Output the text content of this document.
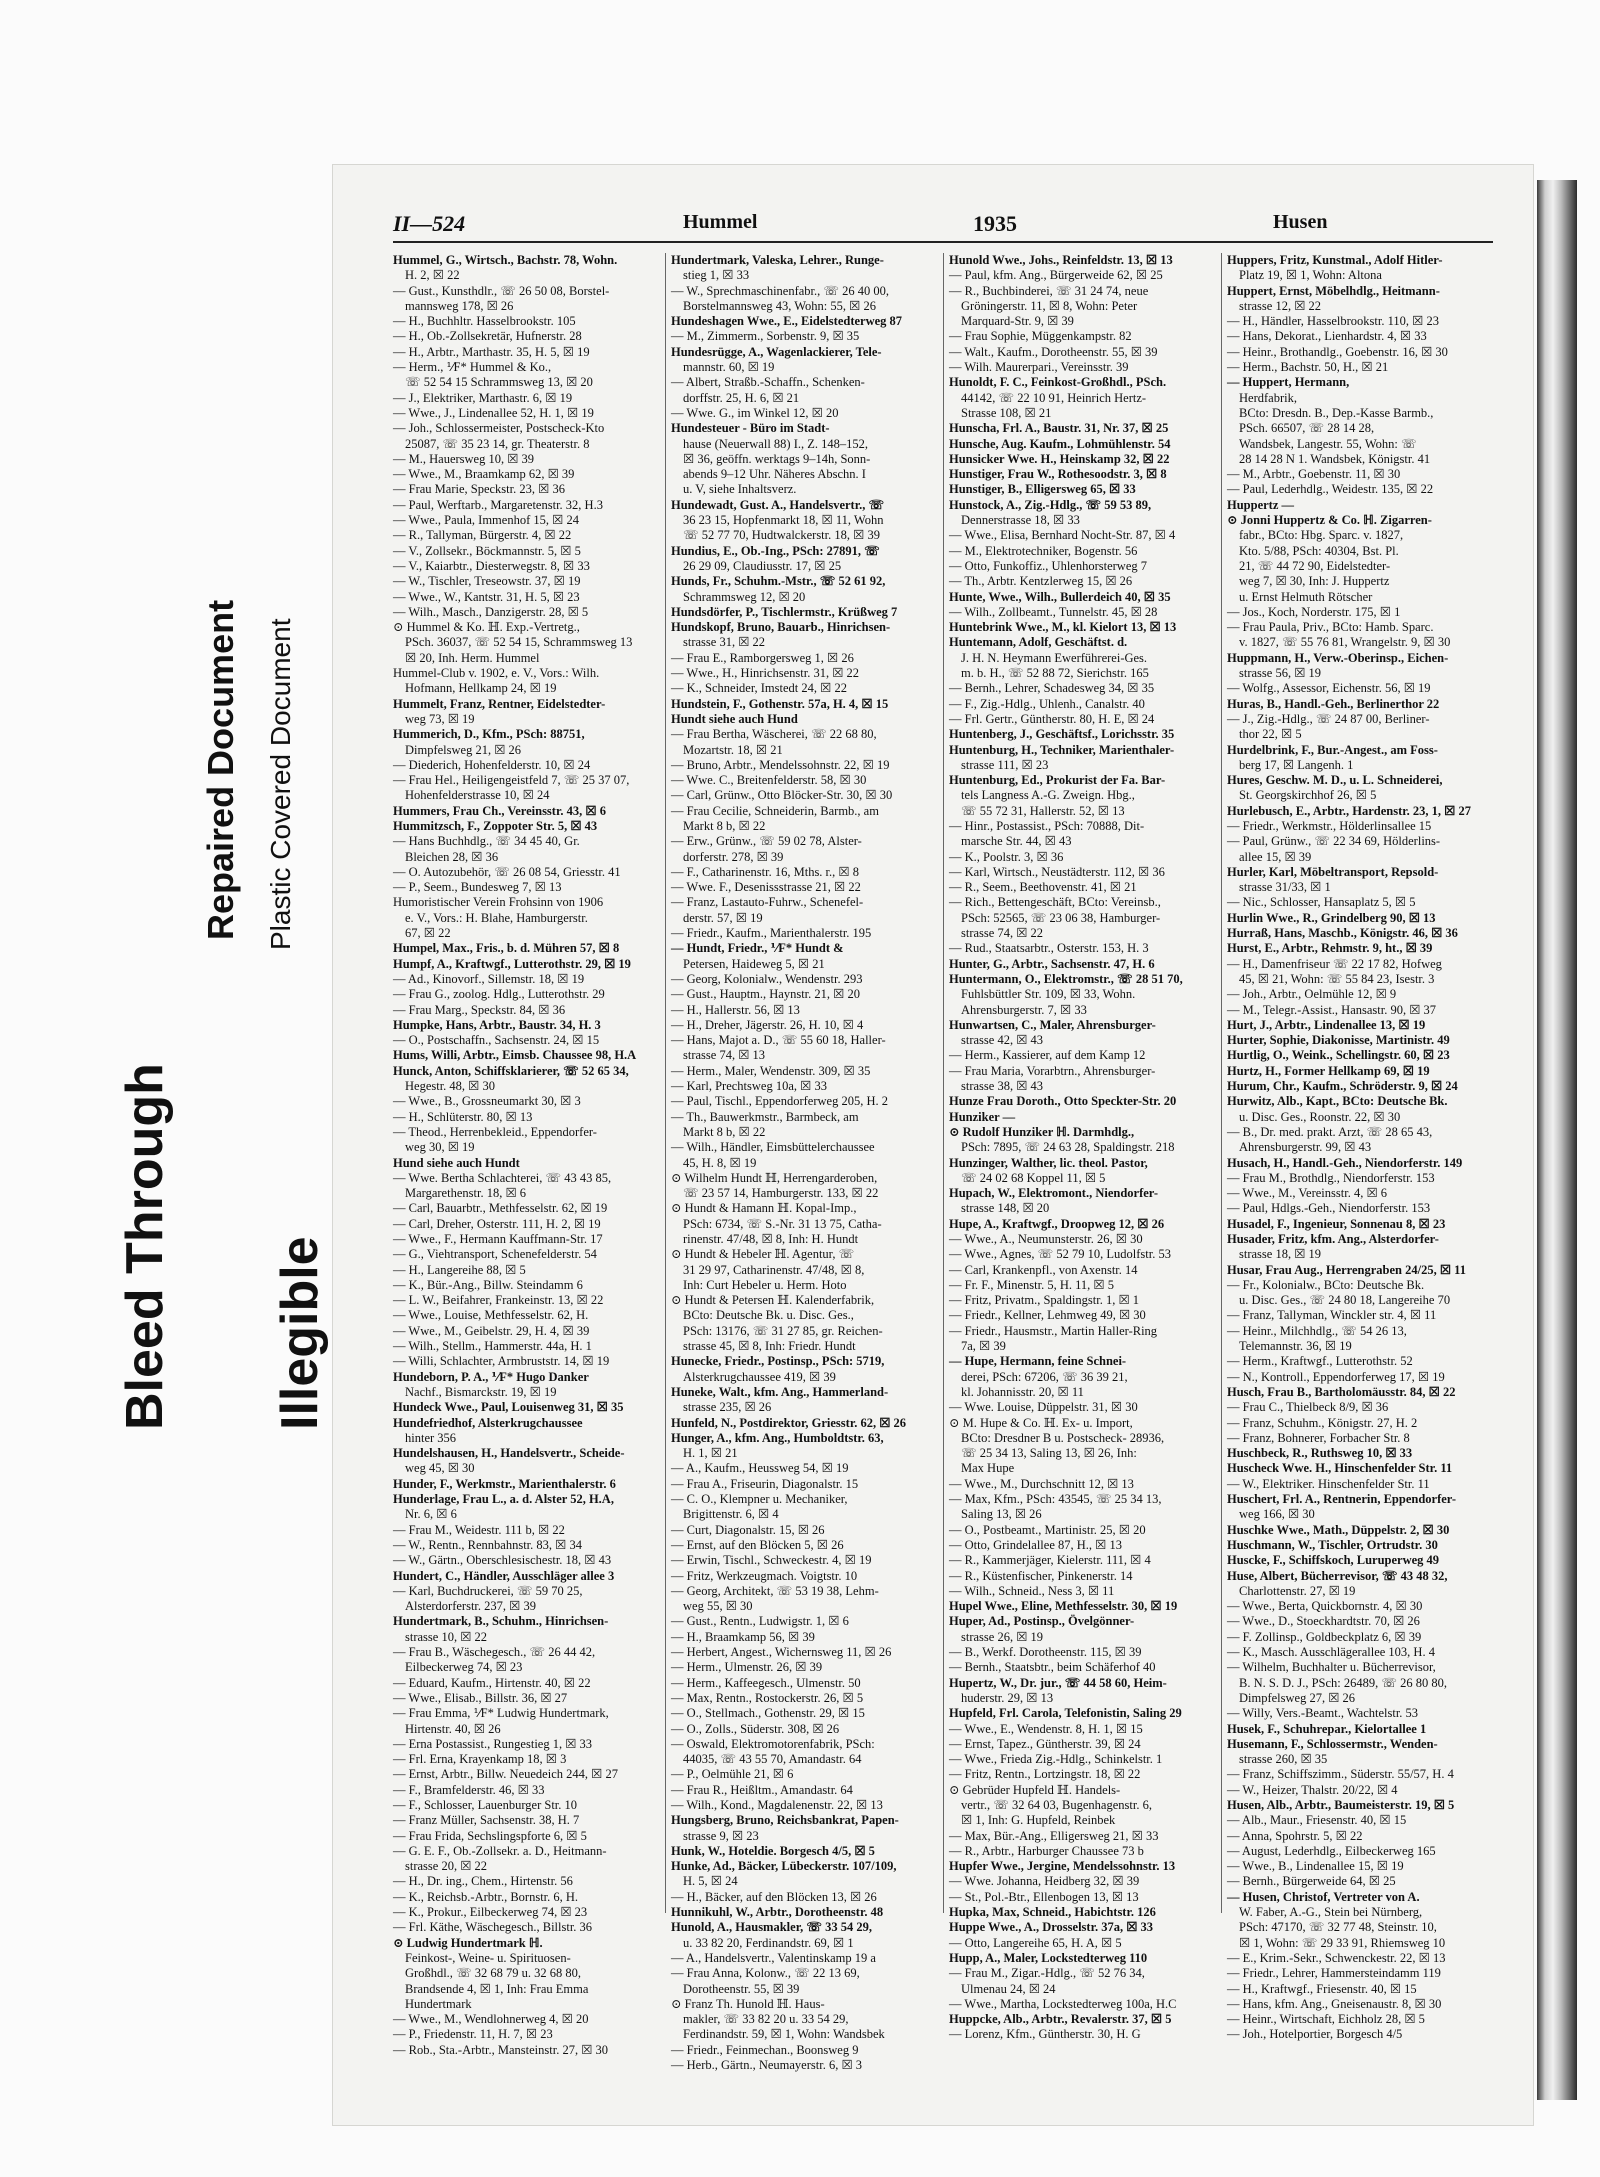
Bleed Through
Repaired Document
Illegible
Plastic Covered Document
II—524	Hummel	1935	Husen
Hummel, G., Wirtsch., Bachstr. 78, Wohn.
H. 2, ☒ 22
— Gust., Kunsthdlr., ☏ 26 50 08, Borstel-
mannsweg 178, ☒ 26
— H., Buchhltr. Hasselbrookstr. 105
— H., Ob.-Zollsekretär, Hufnerstr. 28
— H., Arbtr., Marthastr. 35, H. 5, ☒ 19
— Herm., ⅟F* Hummel & Ko.,
☏ 52 54 15 Schrammsweg 13, ☒ 20
— J., Elektriker, Marthastr. 6, ☒ 19
— Wwe., J., Lindenallee 52, H. 1, ☒ 19
— Joh., Schlossermeister, Postscheck-Kto
25087, ☏ 35 23 14, gr. Theaterstr. 8
— M., Hauersweg 10, ☒ 39
— Wwe., M., Braamkamp 62, ☒ 39
— Frau Marie, Speckstr. 23, ☒ 36
— Paul, Werftarb., Margaretenstr. 32, H.3
— Wwe., Paula, Immenhof 15, ☒ 24
— R., Tallyman, Bürgerstr. 4, ☒ 22
— V., Zollsekr., Böckmannstr. 5, ☒ 5
— V., Kaiarbtr., Diesterwegstr. 8, ☒ 33
— W., Tischler, Treseowstr. 37, ☒ 19
— Wwe., W., Kantstr. 31, H. 5, ☒ 23
— Wilh., Masch., Danzigerstr. 28, ☒ 5
⊙ Hummel & Ko. ℍ. Exp.-Vertretg.,
PSch. 36037, ☏ 52 54 15, Schrammsweg 13
☒ 20, Inh. Herm. Hummel
Hummel-Club v. 1902, e. V., Vors.: Wilh.
Hofmann, Hellkamp 24, ☒ 19
Hummelt, Franz, Rentner, Eidelstedter-
weg 73, ☒ 19
Hummerich, D., Kfm., PSch: 88751,
Dimpfelsweg 21, ☒ 26
— Diederich, Hohenfelderstr. 10, ☒ 24
— Frau Hel., Heiligengeistfeld 7, ☏ 25 37 07,
Hohenfelderstrasse 10, ☒ 24
Hummers, Frau Ch., Vereinsstr. 43, ☒ 6
Hummitzsch, F., Zoppoter Str. 5, ☒ 43
— Hans Buchhdlg., ☏ 34 45 40, Gr.
Bleichen 28, ☒ 36
— O. Autozubehör, ☏ 26 08 54, Griesstr. 41
— P., Seem., Bundesweg 7, ☒ 13
Humoristischer Verein Frohsinn von 1906
e. V., Vors.: H. Blahe, Hamburgerstr.
67, ☒ 22
Humpel, Max., Fris., b. d. Mühren 57, ☒ 8
Humpf, A., Kraftwgf., Lutterothstr. 29, ☒ 19
— Ad., Kinovorf., Sillemstr. 18, ☒ 19
— Frau G., zoolog. Hdlg., Lutterothstr. 29
— Frau Marg., Speckstr. 84, ☒ 36
Humpke, Hans, Arbtr., Baustr. 34, H. 3
— O., Postschaffn., Sachsenstr. 24, ☒ 15
Hums, Willi, Arbtr., Eimsb. Chaussee 98, H.A
Hunck, Anton, Schiffsklarierer, ☏ 52 65 34,
Hegestr. 48, ☒ 30
— Wwe., B., Grossneumarkt 30, ☒ 3
— H., Schlüterstr. 80, ☒ 13
— Theod., Herrenbekleid., Eppendorfer-
weg 30, ☒ 19
Hund siehe auch Hundt
— Wwe. Bertha Schlachterei, ☏ 43 43 85,
Margarethenstr. 18, ☒ 6
— Carl, Bauarbtr., Methfesselstr. 62, ☒ 19
— Carl, Dreher, Osterstr. 111, H. 2, ☒ 19
— Wwe., F., Hermann Kauffmann-Str. 17
— G., Viehtransport, Schenefelderstr. 54
— H., Langereihe 88, ☒ 5
— K., Bür.-Ang., Billw. Steindamm 6
— L. W., Beifahrer, Frankeinstr. 13, ☒ 22
— Wwe., Louise, Methfesselstr. 62, H.
— Wwe., M., Geibelstr. 29, H. 4, ☒ 39
— Wilh., Stellm., Hammerstr. 44a, H. 1
— Willi, Schlachter, Armbruststr. 14, ☒ 19
Hundeborn, P. A., ⅟F* Hugo Danker
Nachf., Bismarckstr. 19, ☒ 19
Hundeck Wwe., Paul, Louisenweg 31, ☒ 35
Hundefriedhof, Alsterkrugchaussee
hinter 356
Hundelshausen, H., Handelsvertr., Scheide-
weg 45, ☒ 30
Hunder, F., Werkmstr., Marienthalerstr. 6
Hunderlage, Frau L., a. d. Alster 52, H.A,
Nr. 6, ☒ 6
— Frau M., Weidestr. 111 b, ☒ 22
— W., Rentn., Rennbahnstr. 83, ☒ 34
— W., Gärtn., Oberschlesischestr. 18, ☒ 43
Hundert, C., Händler, Ausschläger allee 3
— Karl, Buchdruckerei, ☏ 59 70 25,
Alsterdorferstr. 237, ☒ 39
Hundertmark, B., Schuhm., Hinrichsen-
strasse 10, ☒ 22
— Frau B., Wäschegesch., ☏ 26 44 42,
Eilbeckerweg 74, ☒ 23
— Eduard, Kaufm., Hirtenstr. 40, ☒ 22
— Wwe., Elisab., Billstr. 36, ☒ 27
— Frau Emma, ⅟F* Ludwig Hundertmark,
Hirtenstr. 40, ☒ 26
— Erna Postassist., Rungestieg 1, ☒ 33
— Frl. Erna, Krayenkamp 18, ☒ 3
— Ernst, Arbtr., Billw. Neuedeich 244, ☒ 27
— F., Bramfelderstr. 46, ☒ 33
— F., Schlosser, Lauenburger Str. 10
— Franz Müller, Sachsenstr. 38, H. 7
— Frau Frida, Sechslingspforte 6, ☒ 5
— G. E. F., Ob.-Zollsekr. a. D., Heitmann-
strasse 20, ☒ 22
— H., Dr. ing., Chem., Hirtenstr. 56
— K., Reichsb.-Arbtr., Bornstr. 6, H.
— K., Prokur., Eilbeckerweg 74, ☒ 23
— Frl. Käthe, Wäschegesch., Billstr. 36
⊙ Ludwig Hundertmark ℍ.
Feinkost-, Weine- u. Spirituosen-
Großhdl., ☏ 32 68 79 u. 32 68 80,
Brandsende 4, ☒ 1, Inh: Frau Emma
Hundertmark
— Wwe., M., Wendlohnerweg 4, ☒ 20
— P., Friedenstr. 11, H. 7, ☒ 23
— Rob., Sta.-Arbtr., Mansteinstr. 27, ☒ 30
Hundertmark, Valeska, Lehrer., Runge-
stieg 1, ☒ 33
— W., Sprechmaschinenfabr., ☏ 26 40 00,
Borstelmannsweg 43, Wohn: 55, ☒ 26
Hundeshagen Wwe., E., Eidelstedterweg 87
— M., Zimmerm., Sorbenstr. 9, ☒ 35
Hundesrügge, A., Wagenlackierer, Tele-
mannstr. 60, ☒ 19
— Albert, Straßb.-Schaffn., Schenken-
dorffstr. 25, H. 6, ☒ 21
— Wwe. G., im Winkel 12, ☒ 20
Hundesteuer - Büro im Stadt-
hause (Neuerwall 88) I., Z. 148–152,
☒ 36, geöffn. werktags 9–14h, Sonn-
abends 9–12 Uhr. Näheres Abschn. I
u. V, siehe Inhaltsverz.
Hundewadt, Gust. A., Handelsvertr., ☏
36 23 15, Hopfenmarkt 18, ☒ 11, Wohn
☏ 52 77 70, Hudtwalckerstr. 18, ☒ 39
Hundius, E., Ob.-Ing., PSch: 27891, ☏
26 29 09, Claudiusstr. 17, ☒ 25
Hunds, Fr., Schuhm.-Mstr., ☏ 52 61 92,
Schrammsweg 12, ☒ 20
Hundsdörfer, P., Tischlermstr., Krüßweg 7
Hundskopf, Bruno, Bauarb., Hinrichsen-
strasse 31, ☒ 22
— Frau E., Ramborgersweg 1, ☒ 26
— Wwe., H., Hinrichsenstr. 31, ☒ 22
— K., Schneider, Imstedt 24, ☒ 22
Hundstein, F., Gothenstr. 57a, H. 4, ☒ 15
Hundt siehe auch Hund
— Frau Bertha, Wäscherei, ☏ 22 68 80,
Mozartstr. 18, ☒ 21
— Bruno, Arbtr., Mendelssohnstr. 22, ☒ 19
— Wwe. C., Breitenfelderstr. 58, ☒ 30
— Carl, Grünw., Otto Blöcker-Str. 30, ☒ 30
— Frau Cecilie, Schneiderin, Barmb., am
Markt 8 b, ☒ 22
— Erw., Grünw., ☏ 59 02 78, Alster-
dorferstr. 278, ☒ 39
— F., Catharinenstr. 16, Mths. r., ☒ 8
— Wwe. F., Desenissstrasse 21, ☒ 22
— Franz, Lastauto-Fuhrw., Schenefel-
derstr. 57, ☒ 19
— Friedr., Kaufm., Marienthalerstr. 195
— Hundt, Friedr., ⅟F* Hundt &
Petersen, Haideweg 5, ☒ 21
— Georg, Kolonialw., Wendenstr. 293
— Gust., Hauptm., Haynstr. 21, ☒ 20
— H., Hallerstr. 56, ☒ 13
— H., Dreher, Jägerstr. 26, H. 10, ☒ 4
— Hans, Majot a. D., ☏ 55 60 18, Haller-
strasse 74, ☒ 13
— Herm., Maler, Wendenstr. 309, ☒ 35
— Karl, Prechtsweg 10a, ☒ 33
— Paul, Tischl., Eppendorferweg 205, H. 2
— Th., Bauwerkmstr., Barmbeck, am
Markt 8 b, ☒ 22
— Wilh., Händler, Eimsbüttelerchaussee
45, H. 8, ☒ 19
⊙ Wilhelm Hundt ℍ, Herrengarderoben,
☏ 23 57 14, Hamburgerstr. 133, ☒ 22
⊙ Hundt & Hamann ℍ. Kopal-Imp.,
PSch: 6734, ☏ S.-Nr. 31 13 75, Catha-
rinenstr. 47/48, ☒ 8, Inh: H. Hundt
⊙ Hundt & Hebeler ℍ. Agentur, ☏
31 29 97, Catharinenstr. 47/48, ☒ 8,
Inh: Curt Hebeler u. Herm. Hoto
⊙ Hundt & Petersen ℍ. Kalenderfabrik,
BCto: Deutsche Bk. u. Disc. Ges.,
PSch: 13176, ☏ 31 27 85, gr. Reichen-
strasse 45, ☒ 8, Inh: Friedr. Hundt
Hunecke, Friedr., Postinsp., PSch: 5719,
Alsterkrugchaussee 419, ☒ 39
Huneke, Walt., kfm. Ang., Hammerland-
strasse 235, ☒ 26
Hunfeld, N., Postdirektor, Griesstr. 62, ☒ 26
Hunger, A., kfm. Ang., Humboldtstr. 63,
H. 1, ☒ 21
— A., Kaufm., Heussweg 54, ☒ 19
— Frau A., Friseurin, Diagonalstr. 15
— C. O., Klempner u. Mechaniker,
Brigittenstr. 6, ☒ 4
— Curt, Diagonalstr. 15, ☒ 26
— Ernst, auf den Blöcken 5, ☒ 26
— Erwin, Tischl., Schweckestr. 4, ☒ 19
— Fritz, Werkzeugmach. Voigtstr. 10
— Georg, Architekt, ☏ 53 19 38, Lehm-
weg 55, ☒ 30
— Gust., Rentn., Ludwigstr. 1, ☒ 6
— H., Braamkamp 56, ☒ 39
— Herbert, Angest., Wichernsweg 11, ☒ 26
— Herm., Ulmenstr. 26, ☒ 39
— Herm., Kaffeegesch., Ulmenstr. 50
— Max, Rentn., Rostockerstr. 26, ☒ 5
— O., Stellmach., Gothenstr. 29, ☒ 15
— O., Zolls., Süderstr. 308, ☒ 26
— Oswald, Elektromotorenfabrik, PSch:
44035, ☏ 43 55 70, Amandastr. 64
— P., Oelmühle 21, ☒ 6
— Frau R., Heißltm., Amandastr. 64
— Wilh., Kond., Magdalenenstr. 22, ☒ 13
Hungsberg, Bruno, Reichsbankrat, Papen-
strasse 9, ☒ 23
Hunk, W., Hoteldie. Borgesch 4/5, ☒ 5
Hunke, Ad., Bäcker, Lübeckerstr. 107/109,
H. 5, ☒ 24
— H., Bäcker, auf den Blöcken 13, ☒ 26
Hunnikuhl, W., Arbtr., Dorotheenstr. 48
Hunold, A., Hausmakler, ☏ 33 54 29,
u. 33 82 20, Ferdinandstr. 69, ☒ 1
— A., Handelsvertr., Valentinskamp 19 a
— Frau Anna, Kolonw., ☏ 22 13 69,
Dorotheenstr. 55, ☒ 39
⊙ Franz Th. Hunold ℍ. Haus-
makler, ☏ 33 82 20 u. 33 54 29,
Ferdinandstr. 59, ☒ 1, Wohn: Wandsbek
— Friedr., Feinmechan., Boonsweg 9
— Herb., Gärtn., Neumayerstr. 6, ☒ 3
Hunold Wwe., Johs., Reinfeldstr. 13, ☒ 13
— Paul, kfm. Ang., Bürgerweide 62, ☒ 25
— R., Buchbinderei, ☏ 31 24 74, neue
Gröningerstr. 11, ☒ 8, Wohn: Peter
Marquard-Str. 9, ☒ 39
— Frau Sophie, Müggenkampstr. 82
— Walt., Kaufm., Dorotheenstr. 55, ☒ 39
— Wilh. Maurerpari., Vereinsstr. 39
Hunoldt, F. C., Feinkost-Großhdl., PSch.
44142, ☏ 22 10 91, Heinrich Hertz-
Strasse 108, ☒ 21
Hunscha, Frl. A., Baustr. 31, Nr. 37, ☒ 25
Hunsche, Aug. Kaufm., Lohmühlenstr. 54
Hunsicker Wwe. H., Heinskamp 32, ☒ 22
Hunstiger, Frau W., Rothesoodstr. 3, ☒ 8
Hunstiger, B., Elligersweg 65, ☒ 33
Hunstock, A., Zig.-Hdlg., ☏ 59 53 89,
Dennerstrasse 18, ☒ 33
— Wwe., Elisa, Bernhard Nocht-Str. 87, ☒ 4
— M., Elektrotechniker, Bogenstr. 56
— Otto, Funkoffiz., Uhlenhorsterweg 7
— Th., Arbtr. Kentzlerweg 15, ☒ 26
Hunte, Wwe., Wilh., Bullerdeich 40, ☒ 35
— Wilh., Zollbeamt., Tunnelstr. 45, ☒ 28
Huntebrink Wwe., M., kl. Kielort 13, ☒ 13
Huntemann, Adolf, Geschäftst. d.
J. H. N. Heymann Ewerführerei-Ges.
m. b. H., ☏ 52 88 72, Sierichstr. 165
— Bernh., Lehrer, Schadesweg 34, ☒ 35
— F., Zig.-Hdlg., Uhlenh., Canalstr. 40
— Frl. Gertr., Güntherstr. 80, H. E, ☒ 24
Huntenberg, J., Geschäftsf., Lorichsstr. 35
Huntenburg, H., Techniker, Marienthaler-
strasse 111, ☒ 23
Huntenburg, Ed., Prokurist der Fa. Bar-
tels Langness A.-G. Zweign. Hbg.,
☏ 55 72 31, Hallerstr. 52, ☒ 13
— Hinr., Postassist., PSch: 70888, Dit-
marsche Str. 44, ☒ 43
— K., Poolstr. 3, ☒ 36
— Karl, Wirtsch., Neustädterstr. 112, ☒ 36
— R., Seem., Beethovenstr. 41, ☒ 21
— Rich., Bettengeschäft, BCto: Vereinsb.,
PSch: 52565, ☏ 23 06 38, Hamburger-
strasse 74, ☒ 22
— Rud., Staatsarbtr., Osterstr. 153, H. 3
Hunter, G., Arbtr., Sachsenstr. 47, H. 6
Huntermann, O., Elektromstr., ☏ 28 51 70,
Fuhlsbüttler Str. 109, ☒ 33, Wohn.
Ahrensburgerstr. 7, ☒ 33
Hunwartsen, C., Maler, Ahrensburger-
strasse 42, ☒ 43
— Herm., Kassierer, auf dem Kamp 12
— Frau Maria, Vorarbtrn., Ahrensburger-
strasse 38, ☒ 43
Hunze Frau Doroth., Otto Speckter-Str. 20
Hunziker —
⊙ Rudolf Hunziker ℍ. Darmhdlg.,
PSch: 7895, ☏ 24 63 28, Spaldingstr. 218
Hunzinger, Walther, lic. theol. Pastor,
☏ 24 02 68 Koppel 11, ☒ 5
Hupach, W., Elektromont., Niendorfer-
strasse 148, ☒ 20
Hupe, A., Kraftwgf., Droopweg 12, ☒ 26
— Wwe., A., Neumunsterstr. 26, ☒ 30
— Wwe., Agnes, ☏ 52 79 10, Ludolfstr. 53
— Carl, Krankenpfl., von Axenstr. 14
— Fr. F., Minenstr. 5, H. 11, ☒ 5
— Fritz, Privatm., Spaldingstr. 1, ☒ 1
— Friedr., Kellner, Lehmweg 49, ☒ 30
— Friedr., Hausmstr., Martin Haller-Ring
7a, ☒ 39
— Hupe, Hermann, feine Schnei-
derei, PSch: 67206, ☏ 36 39 21,
kl. Johannisstr. 20, ☒ 11
— Wwe. Louise, Düppelstr. 31, ☒ 30
⊙ M. Hupe & Co. ℍ. Ex- u. Import,
BCto: Dresdner B u. Postscheck- 28936,
☏ 25 34 13, Saling 13, ☒ 26, Inh:
Max Hupe
— Wwe., M., Durchschnitt 12, ☒ 13
— Max, Kfm., PSch: 43545, ☏ 25 34 13,
Saling 13, ☒ 26
— O., Postbeamt., Martinistr. 25, ☒ 20
— Otto, Grindelallee 87, H., ☒ 13
— R., Kammerjäger, Kielerstr. 111, ☒ 4
— R., Küstenfischer, Pinkenerstr. 14
— Wilh., Schneid., Ness 3, ☒ 11
Hupel Wwe., Eline, Methfesselstr. 30, ☒ 19
Huper, Ad., Postinsp., Övelgönner-
strasse 26, ☒ 19
— B., Werkf. Dorotheenstr. 115, ☒ 39
— Bernh., Staatsbtr., beim Schäferhof 40
Hupertz, W., Dr. jur., ☏ 44 58 60, Heim-
huderstr. 29, ☒ 13
Hupfeld, Frl. Carola, Telefonistin, Saling 29
— Wwe., E., Wendenstr. 8, H. 1, ☒ 15
— Ernst, Tapez., Güntherstr. 39, ☒ 24
— Wwe., Frieda Zig.-Hdlg., Schinkelstr. 1
— Fritz, Rentn., Lortzingstr. 18, ☒ 22
⊙ Gebrüder Hupfeld ℍ. Handels-
vertr., ☏ 32 64 03, Bugenhagenstr. 6,
☒ 1, Inh: G. Hupfeld, Reinbek
— Max, Bür.-Ang., Elligersweg 21, ☒ 33
— R., Arbtr., Harburger Chaussee 73 b
Hupfer Wwe., Jergine, Mendelssohnstr. 13
— Wwe. Johanna, Heidberg 32, ☒ 39
— St., Pol.-Btr., Ellenbogen 13, ☒ 13
Hupka, Max, Schneid., Habichtstr. 126
Huppe Wwe., A., Drosselstr. 37a, ☒ 33
— Otto, Langereihe 65, H. A, ☒ 5
Hupp, A., Maler, Lockstedterweg 110
— Frau M., Zigar.-Hdlg., ☏ 52 76 34,
Ulmenau 24, ☒ 24
— Wwe., Martha, Lockstedterweg 100a, H.C
Huppcke, Alb., Arbtr., Revalerstr. 37, ☒ 5
— Lorenz, Kfm., Güntherstr. 30, H. G
Huppers, Fritz, Kunstmal., Adolf Hitler-
Platz 19, ☒ 1, Wohn: Altona
Huppert, Ernst, Möbelhdlg., Heitmann-
strasse 12, ☒ 22
— H., Händler, Hasselbrookstr. 110, ☒ 23
— Hans, Dekorat., Lienhardstr. 4, ☒ 33
— Heinr., Brothandlg., Goebenstr. 16, ☒ 30
— Herm., Bachstr. 50, H., ☒ 21
— Huppert, Hermann,
Herdfabrik,
BCto: Dresdn. B., Dep.-Kasse Barmb.,
PSch. 66507, ☏ 28 14 28,
Wandsbek, Langestr. 55, Wohn: ☏
28 14 28 N 1. Wandsbek, Königstr. 41
— M., Arbtr., Goebenstr. 11, ☒ 30
— Paul, Lederhdlg., Weidestr. 135, ☒ 22
Huppertz —
⊙ Jonni Huppertz & Co. ℍ. Zigarren-
fabr., BCto: Hbg. Sparc. v. 1827,
Kto. 5/88, PSch: 40304, Bst. Pl.
21, ☏ 44 72 90, Eidelstedter-
weg 7, ☒ 30, Inh: J. Huppertz
u. Ernst Helmuth Rötscher
— Jos., Koch, Norderstr. 175, ☒ 1
— Frau Paula, Priv., BCto: Hamb. Sparc.
v. 1827, ☏ 55 76 81, Wrangelstr. 9, ☒ 30
Huppmann, H., Verw.-Oberinsp., Eichen-
strasse 56, ☒ 19
— Wolfg., Assessor, Eichenstr. 56, ☒ 19
Huras, B., Handl.-Geh., Berlinerthor 22
— J., Zig.-Hdlg., ☏ 24 87 00, Berliner-
thor 22, ☒ 5
Hurdelbrink, F., Bur.-Angest., am Foss-
berg 17, ☒ Langenh. 1
Hures, Geschw. M. D., u. L. Schneiderei,
St. Georgskirchhof 26, ☒ 5
Hurlebusch, E., Arbtr., Hardenstr. 23, 1, ☒ 27
— Friedr., Werkmstr., Hölderlinsallee 15
— Paul, Grünw., ☏ 22 34 69, Hölderlins-
allee 15, ☒ 39
Hurler, Karl, Möbeltransport, Repsold-
strasse 31/33, ☒ 1
— Nic., Schlosser, Hansaplatz 5, ☒ 5
Hurlin Wwe., R., Grindelberg 90, ☒ 13
Hurraß, Hans, Maschb., Königstr. 46, ☒ 36
Hurst, E., Arbtr., Rehmstr. 9, ht., ☒ 39
— H., Damenfriseur ☏ 22 17 82, Hofweg
45, ☒ 21, Wohn: ☏ 55 84 23, Isestr. 3
— Joh., Arbtr., Oelmühle 12, ☒ 9
— M., Telegr.-Assist., Hansastr. 90, ☒ 37
Hurt, J., Arbtr., Lindenallee 13, ☒ 19
Hurter, Sophie, Diakonisse, Martinistr. 49
Hurtlig, O., Weink., Schellingstr. 60, ☒ 23
Hurtz, H., Former Hellkamp 69, ☒ 19
Hurum, Chr., Kaufm., Schröderstr. 9, ☒ 24
Hurwitz, Alb., Kapt., BCto: Deutsche Bk.
u. Disc. Ges., Roonstr. 22, ☒ 30
— B., Dr. med. prakt. Arzt, ☏ 28 65 43,
Ahrensburgerstr. 99, ☒ 43
Husach, H., Handl.-Geh., Niendorferstr. 149
— Frau M., Brothdlg., Niendorferstr. 153
— Wwe., M., Vereinsstr. 4, ☒ 6
— Paul, Hdlgs.-Geh., Niendorferstr. 153
Husadel, F., Ingenieur, Sonnenau 8, ☒ 23
Husader, Fritz, kfm. Ang., Alsterdorfer-
strasse 18, ☒ 19
Husar, Frau Aug., Herrengraben 24/25, ☒ 11
— Fr., Kolonialw., BCto: Deutsche Bk.
u. Disc. Ges., ☏ 24 80 18, Langereihe 70
— Franz, Tallyman, Winckler str. 4, ☒ 11
— Heinr., Milchhdlg., ☏ 54 26 13,
Telemannstr. 36, ☒ 19
— Herm., Kraftwgf., Lutterothstr. 52
— N., Kontroll., Eppendorferweg 17, ☒ 19
Husch, Frau B., Bartholomäusstr. 84, ☒ 22
— Frau C., Thielbeck 8/9, ☒ 36
— Franz, Schuhm., Königstr. 27, H. 2
— Franz, Bohnerer, Forbacher Str. 8
Huschbeck, R., Ruthsweg 10, ☒ 33
Huscheck Wwe. H., Hinschenfelder Str. 11
— W., Elektriker. Hinschenfelder Str. 11
Huschert, Frl. A., Rentnerin, Eppendorfer-
weg 166, ☒ 30
Huschke Wwe., Math., Düppelstr. 2, ☒ 30
Huschmann, W., Tischler, Ortrudstr. 30
Huscke, F., Schiffskoch, Luruperweg 49
Huse, Albert, Bücherrevisor, ☏ 43 48 32,
Charlottenstr. 27, ☒ 19
— Wwe., Berta, Quickbornstr. 4, ☒ 30
— Wwe., D., Stoeckhardtstr. 70, ☒ 26
— F. Zollinsp., Goldbeckplatz 6, ☒ 39
— K., Masch. Ausschlägerallee 103, H. 4
— Wilhelm, Buchhalter u. Bücherrevisor,
B. N. S. D. J., PSch: 26489, ☏ 26 80 80,
Dimpfelsweg 27, ☒ 26
— Willy, Vers.-Beamt., Wachtelstr. 53
Husek, F., Schuhrepar., Kielortallee 1
Husemann, F., Schlossermstr., Wenden-
strasse 260, ☒ 35
— Franz, Schiffszimm., Süderstr. 55/57, H. 4
— W., Heizer, Thalstr. 20/22, ☒ 4
Husen, Alb., Arbtr., Baumeisterstr. 19, ☒ 5
— Alb., Maur., Friesenstr. 40, ☒ 15
— Anna, Spohrstr. 5, ☒ 22
— August, Lederhdlg., Eilbeckerweg 165
— Wwe., B., Lindenallee 15, ☒ 19
— Bernh., Bürgerweide 64, ☒ 25
— Husen, Christof, Vertreter von A.
W. Faber, A.-G., Stein bei Nürnberg,
PSch: 47170, ☏ 32 77 48, Steinstr. 10,
☒ 1, Wohn: ☏ 29 33 91, Rhiemsweg 10
— E., Krim.-Sekr., Schwenckestr. 22, ☒ 13
— Friedr., Lehrer, Hammersteindamm 119
— H., Kraftwgf., Friesenstr. 40, ☒ 15
— Hans, kfm. Ang., Gneisenaustr. 8, ☒ 30
— Heinr., Wirtschaft, Eichholz 28, ☒ 5
— Joh., Hotelportier, Borgesch 4/5
